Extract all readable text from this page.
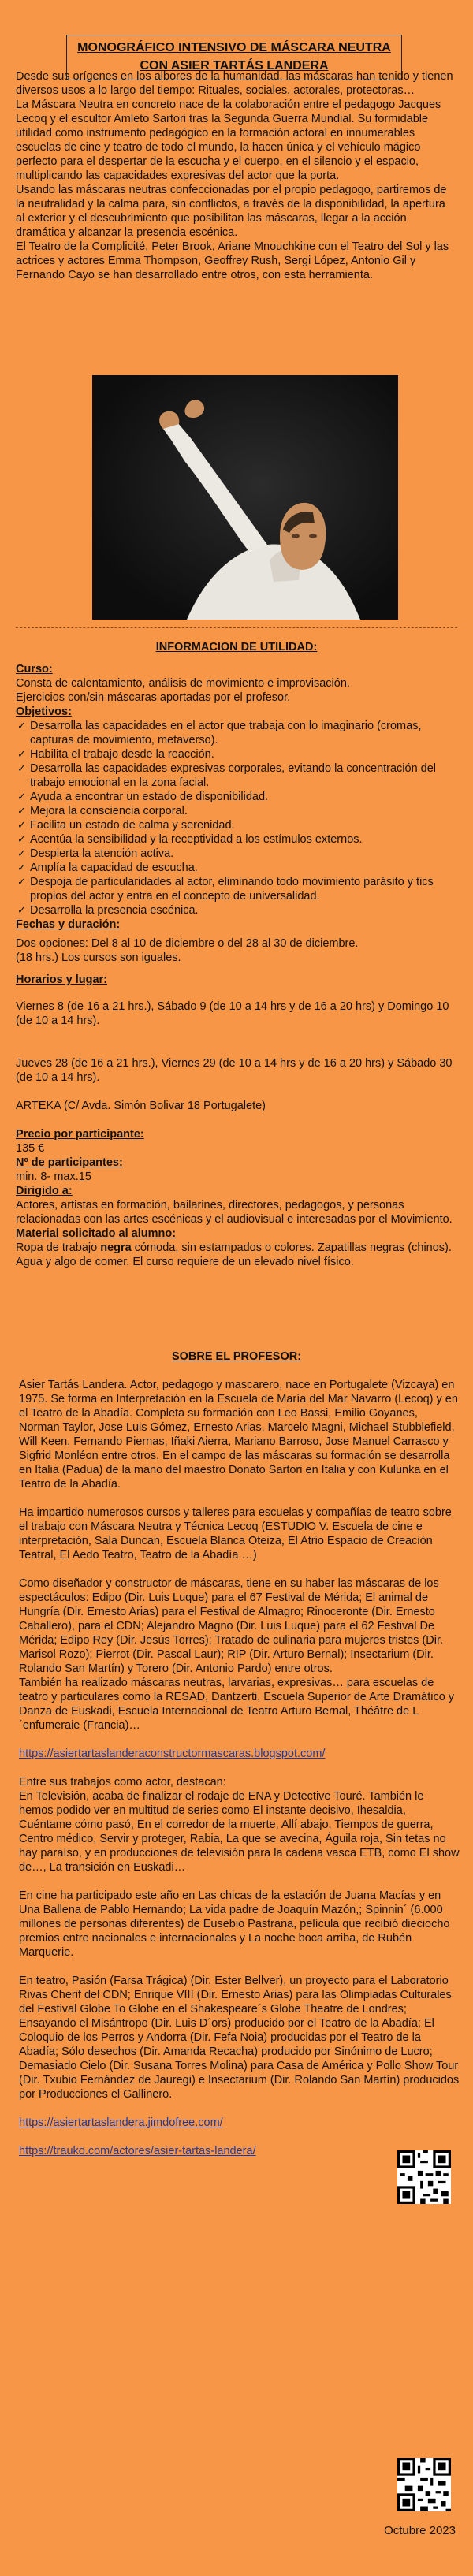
MONOGRÁFICO INTENSIVO DE MÁSCARA NEUTRA
CON ASIER TARTÁS LANDERA

Desde sus orígenes en los albores de la humanidad, las máscaras han tenido y tienen diversos usos a lo largo del tiempo: Rituales, sociales, actorales, protectoras…

La Máscara Neutra en concreto nace de la colaboración entre el pedagogo Jacques Lecoq y el escultor Amleto Sartori tras la Segunda Guerra Mundial. Su formidable utilidad como instrumento pedagógico en la formación actoral en innumerables escuelas de cine y teatro de todo el mundo, la hacen única y el vehículo mágico perfecto para el despertar de la escucha y el cuerpo, en el silencio y el espacio, multiplicando las capacidades expresivas del actor que la porta.

Usando las máscaras neutras confeccionadas por el propio pedagogo, partiremos de la neutralidad y la calma para, sin conflictos, a través de la disponibilidad, la apertura al exterior y el descubrimiento que posibilitan las máscaras, llegar a la acción dramática y alcanzar la presencia escénica.

El Teatro de la Complicité, Peter Brook, Ariane Mnouchkine con el Teatro del Sol y las actrices y actores Emma Thompson, Geoffrey Rush, Sergi López, Antonio Gil y Fernando Cayo se han desarrollado entre otros, con esta herramienta.

INFORMACION DE UTILIDAD:

Curso:

Consta de calentamiento, análisis de movimiento e improvisación.

Ejercicios con/sin máscaras aportadas por el profesor.

Objetivos:

✓ Desarrolla las capacidades en el actor que trabaja con lo imaginario (cromas, capturas de movimiento, metaverso).
✓ Habilita el trabajo desde la reacción.
✓ Desarrolla las capacidades expresivas corporales, evitando la concentración del trabajo emocional en la zona facial.
✓ Ayuda a encontrar un estado de disponibilidad.
✓ Mejora la consciencia corporal.
✓ Facilita un estado de calma y serenidad.
✓ Acentúa la sensibilidad y la receptividad a los estímulos externos.
✓ Despierta la atención activa.
✓ Amplía la capacidad de escucha.
✓ Despoja de particularidades al actor, eliminando todo movimiento parásito y tics propios del actor y entra en el concepto de universalidad.
✓ Desarrolla la presencia escénica.

Fechas y duración:

Dos opciones: Del 8 al 10 de diciembre o del 28 al 30 de diciembre.

(18 hrs.) Los cursos son iguales.

Horarios y lugar:

Viernes 8 (de 16 a 21 hrs.), Sábado 9 (de 10 a 14 hrs y de 16 a 20 hrs) y Domingo 10 (de 10 a 14 hrs).

Jueves 28 (de 16 a 21 hrs.), Viernes 29 (de 10 a 14 hrs y de 16 a 20 hrs) y Sábado 30 (de 10 a 14 hrs).

ARTEKA (C/ Avda. Simón Bolivar 18 Portugalete)

Precio por participante:

135 €

Nº de participantes:

min. 8- max.15

Dirigido a:

Actores, artistas en formación, bailarines, directores, pedagogos, y personas relacionadas con las artes escénicas y el audiovisual e interesadas por el Movimiento.

Material solicitado al alumno:

Ropa de trabajo negra cómoda, sin estampados o colores. Zapatillas negras (chinos).

Agua y algo de comer. El curso requiere de un elevado nivel físico.

SOBRE EL PROFESOR:

Asier Tartás Landera. Actor, pedagogo y mascarero, nace en Portugalete (Vizcaya) en 1975. Se forma en Interpretación en la Escuela de María del Mar Navarro (Lecoq) y en el Teatro de la Abadía. Completa su formación con Leo Bassi, Emilio Goyanes, Norman Taylor, Jose Luis Gómez, Ernesto Arias, Marcelo Magni, Michael Stubblefield, Will Keen, Fernando Piernas, Iñaki Aierra, Mariano Barroso, Jose Manuel Carrasco y Sigfrid Monléon entre otros. En el campo de las máscaras su formación se desarrolla en Italia (Padua) de la mano del maestro Donato Sartori en Italia y con Kulunka en el Teatro de la Abadía.

Ha impartido numerosos cursos y talleres para escuelas y compañías de teatro sobre el trabajo con Máscara Neutra y Técnica Lecoq (ESTUDIO V. Escuela de cine e interpretación, Sala Duncan, Escuela Blanca Oteiza, El Atrio Espacio de Creación Teatral, El Aedo Teatro, Teatro de la Abadía …)

Como diseñador y constructor de máscaras, tiene en su haber las máscaras de los espectáculos: Edipo (Dir. Luis Luque) para el 67 Festival de Mérida; El animal de Hungría (Dir. Ernesto Arias) para el Festival de Almagro; Rinoceronte (Dir. Ernesto Caballero), para el CDN; Alejandro Magno (Dir. Luis Luque) para el 62 Festival De Mérida; Edipo Rey (Dir. Jesús Torres); Tratado de culinaria para mujeres tristes (Dir. Marisol Rozo); Pierrot (Dir. Pascal Laur); RIP (Dir. Arturo Bernal); Insectarium (Dir. Rolando San Martín) y Torero (Dir. Antonio Pardo) entre otros.

También ha realizado máscaras neutras, larvarias, expresivas… para escuelas de teatro y particulares como la RESAD, Dantzerti, Escuela Superior de Arte Dramático y Danza de Euskadi, Escuela Internacional de Teatro Arturo Bernal, Théâtre de L´enfumeraie (Francia)…

https://asiertartaslanderaconstructormascaras.blogspot.com/

Entre sus trabajos como actor, destacan:

En Televisión, acaba de finalizar el rodaje de ENA y Detective Touré. También le hemos podido ver en multitud de series como El instante decisivo, Ihesaldia, Cuéntame cómo pasó, En el corredor de la muerte, Allí abajo, Tiempos de guerra, Centro médico, Servir y proteger, Rabia, La que se avecina, Águila roja, Sin tetas no hay paraíso, y en producciones de televisión para la cadena vasca ETB, como El show de…, La transición en Euskadi…

En cine ha participado este año en Las chicas de la estación de Juana Macías y en Una Ballena de Pablo Hernando; La vida padre de Joaquín Mazón,; Spinnin´ (6.000 millones de personas diferentes) de Eusebio Pastrana, película que recibió dieciocho premios entre nacionales e internacionales y La noche boca arriba, de Rubén Marquerie.

En teatro, Pasión (Farsa Trágica) (Dir. Ester Bellver), un proyecto para el Laboratorio Rivas Cherif del CDN; Enrique VIII (Dir. Ernesto Arias) para las Olimpiadas Culturales del Festival Globe To Globe en el Shakespeare´s Globe Theatre de Londres; Ensayando el Misántropo (Dir. Luis D´ors) producido por el Teatro de la Abadía; El Coloquio de los Perros y Andorra (Dir. Fefa Noia) producidas por el Teatro de la Abadía; Sólo desechos (Dir. Amanda Recacha) producido por Sinónimo de Lucro; Demasiado Cielo (Dir. Susana Torres Molina) para Casa de América y Pollo Show Tour (Dir. Txubio Fernández de Jauregi) e Insectarium (Dir. Rolando San Martín) producidos por Producciones el Gallinero.

https://asiertartaslandera.jimdofree.com/

https://trauko.com/actores/asier-tartas-landera/

Octubre 2023
